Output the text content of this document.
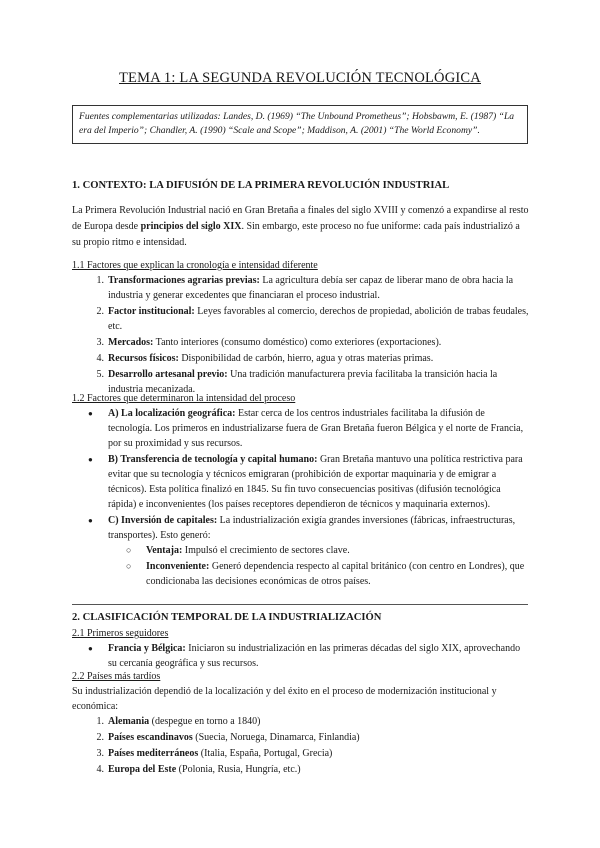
TEMA 1: LA SEGUNDA REVOLUCIÓN TECNOLÓGICA
Fuentes complementarias utilizadas: Landes, D. (1969) “The Unbound Prometheus”; Hobsbawm, E. (1987) “La era del Imperio”; Chandler, A. (1990) “Scale and Scope”; Maddison, A. (2001) “The World Economy”.
1. CONTEXTO: LA DIFUSIÓN DE LA PRIMERA REVOLUCIÓN INDUSTRIAL
La Primera Revolución Industrial nació en Gran Bretaña a finales del siglo XVIII y comenzó a expandirse al resto de Europa desde principios del siglo XIX. Sin embargo, este proceso no fue uniforme: cada país industrializó a su propio ritmo e intensidad.
1.1 Factores que explican la cronología e intensidad diferente
1. Transformaciones agrarias previas: La agricultura debía ser capaz de liberar mano de obra hacia la industria y generar excedentes que financiaran el proceso industrial.
2. Factor institucional: Leyes favorables al comercio, derechos de propiedad, abolición de trabas feudales, etc.
3. Mercados: Tanto interiores (consumo doméstico) como exteriores (exportaciones).
4. Recursos físicos: Disponibilidad de carbón, hierro, agua y otras materias primas.
5. Desarrollo artesanal previo: Una tradición manufacturera previa facilitaba la transición hacia la industria mecanizada.
1.2 Factores que determinaron la intensidad del proceso
● A) La localización geográfica: Estar cerca de los centros industriales facilitaba la difusión de tecnología. Los primeros en industrializarse fuera de Gran Bretaña fueron Bélgica y el norte de Francia, por su proximidad y sus recursos.
● B) Transferencia de tecnología y capital humano: Gran Bretaña mantuvo una política restrictiva para evitar que su tecnología y técnicos emigraran (prohibición de exportar maquinaria y de emigrar a técnicos). Esta política finalizó en 1845. Su fin tuvo consecuencias positivas (difusión tecnológica rápida) e inconvenientes (los países receptores dependieron de técnicos y maquinaria externos).
● C) Inversión de capitales: La industrialización exigía grandes inversiones (fábricas, infraestructuras, transportes). Esto generó:
○ Ventaja: Impulsó el crecimiento de sectores clave.
○ Inconveniente: Generó dependencia respecto al capital británico (con centro en Londres), que condicionaba las decisiones económicas de otros países.
2. CLASIFICACIÓN TEMPORAL DE LA INDUSTRIALIZACIÓN
2.1 Primeros seguidores
● Francia y Bélgica: Iniciaron su industrialización en las primeras décadas del siglo XIX, aprovechando su cercanía geográfica y sus recursos.
2.2 Países más tardíos
Su industrialización dependió de la localización y del éxito en el proceso de modernización institucional y económica:
1. Alemania (despegue en torno a 1840)
2. Países escandinavos (Suecia, Noruega, Dinamarca, Finlandia)
3. Países mediterráneos (Italia, España, Portugal, Grecia)
4. Europa del Este (Polonia, Rusia, Hungría, etc.)
